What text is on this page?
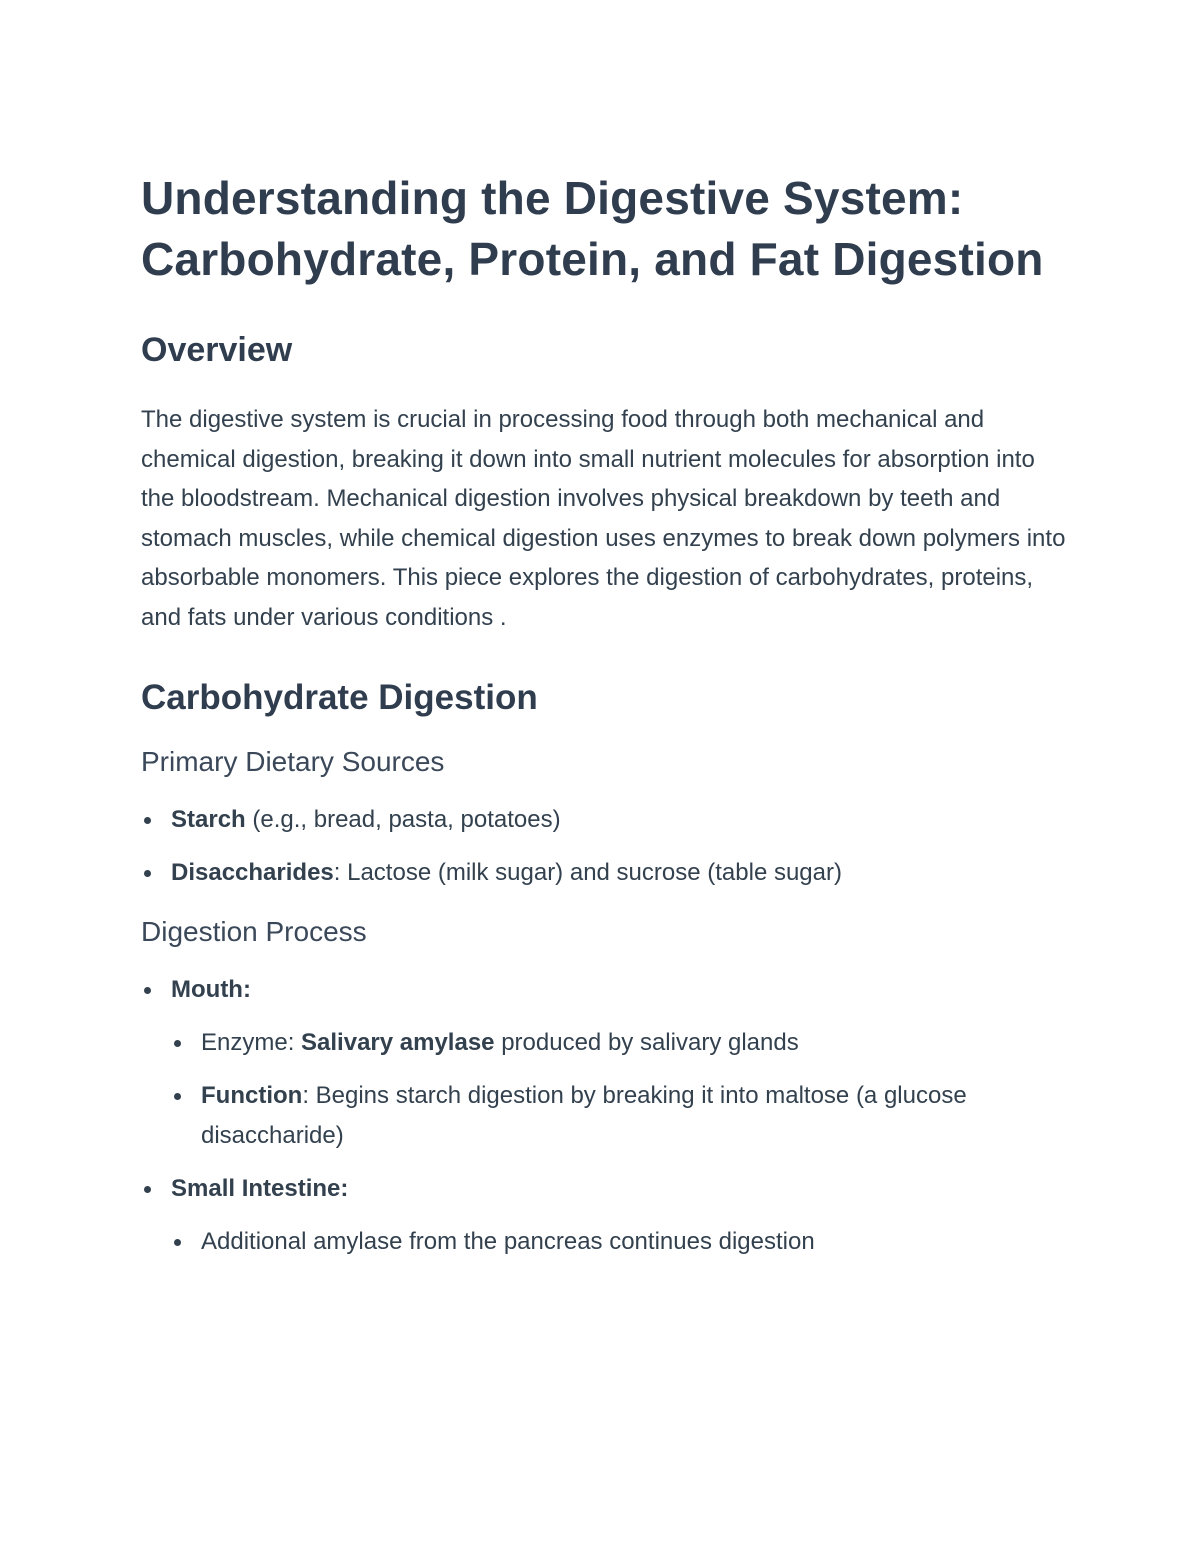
Understanding the Digestive System: Carbohydrate, Protein, and Fat Digestion
Overview

The digestive system is crucial in processing food through both mechanical and chemical digestion, breaking it down into small nutrient molecules for absorption into the bloodstream. Mechanical digestion involves physical breakdown by teeth and stomach muscles, while chemical digestion uses enzymes to break down polymers into absorbable monomers. This piece explores the digestion of carbohydrates, proteins, and fats under various conditions .

Carbohydrate Digestion
Primary Dietary Sources
Starch (e.g., bread, pasta, potatoes)
Disaccharides: Lactose (milk sugar) and sucrose (table sugar)
Digestion Process
Mouth:
Enzyme: Salivary amylase produced by salivary glands
Function: Begins starch digestion by breaking it into maltose (a glucose disaccharide)
Small Intestine:
Additional amylase from the pancreas continues digestion
